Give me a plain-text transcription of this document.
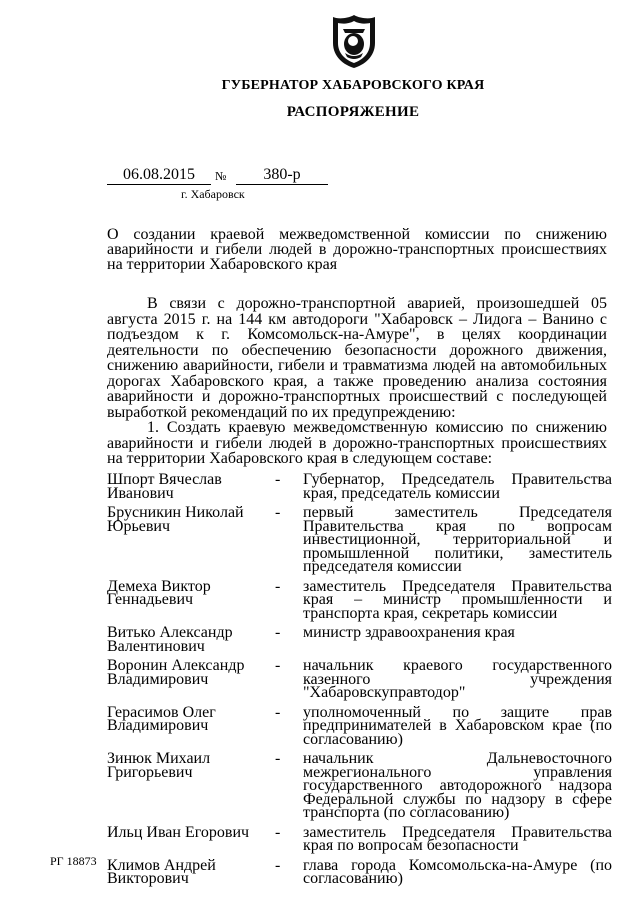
ГУБЕРНАТОР ХАБАРОВСКОГО КРАЯ
РАСПОРЯЖЕНИЕ
06.08.2015	№	380-р
г. Хабаровск
О создании краевой межведомственной комиссии по снижению аварийности и гибели людей в дорожно-транспортных происшествиях на территории Хабаровского края
В связи с дорожно-транспортной аварией, произошедшей 05 августа 2015 г. на 144 км автодороги "Хабаровск – Лидога – Ванино с подъездом к г. Комсомольск-на-Амуре", в целях координации деятельности по обеспечению безопасности дорожного движения, снижению аварийности, гибели и травматизма людей на автомобильных дорогах Хабаровского края, а также проведению анализа состояния аварийности и дорожно-транспортных происшествий с последующей выработкой рекомендаций по их предупреждению:
1. Создать краевую межведомственную комиссию по снижению аварийности и гибели людей в дорожно-транспортных происшествиях на территории Хабаровского края в следующем составе:
Шпорт Вячеслав Иванович
-	Губернатор, Председатель Правительства края, председатель комиссии
Брусникин Николай Юрьевич
-	первый заместитель Председателя Правительства края по вопросам инвестиционной, территориальной и промышленной политики, заместитель председателя комиссии
Демеха Виктор Геннадьевич
-	заместитель Председателя Правительства края – министр промышленности и транспорта края, секретарь комиссии
Витько Александр Валентинович
-	министр здравоохранения края
Воронин Александр Владимирович
-	начальник краевого государственного казенного учреждения "Хабаровскуправтодор"
Герасимов Олег Владимирович
-	уполномоченный по защите прав предпринимателей в Хабаровском крае (по согласованию)
Зинюк Михаил Григорьевич
-	начальник Дальневосточного межрегионального управления государственного автодорожного надзора Федеральной службы по надзору в сфере транспорта (по согласованию)
Ильц Иван Егорович	-	заместитель Председателя Правительства края по вопросам безопасности
Климов Андрей Викторович
-	глава города Комсомольска-на-Амуре (по согласованию)
РГ 18873
